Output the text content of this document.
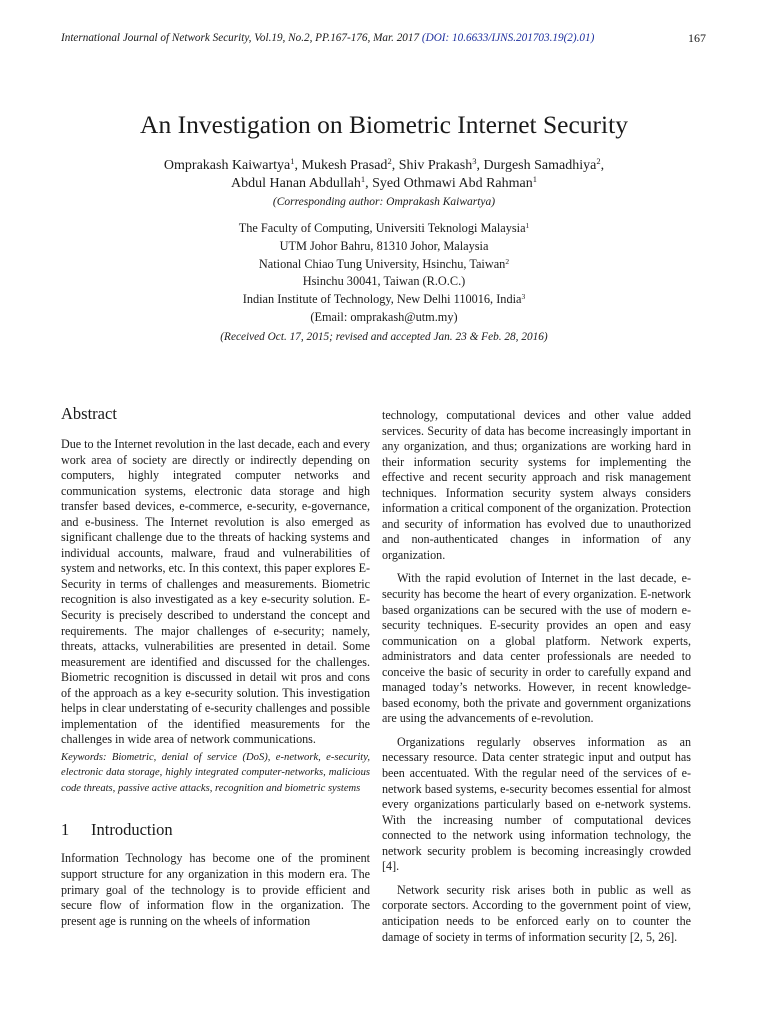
International Journal of Network Security, Vol.19, No.2, PP.167-176, Mar. 2017 (DOI: 10.6633/IJNS.201703.19(2).01)	167
An Investigation on Biometric Internet Security
Omprakash Kaiwartya$^1$, Mukesh Prasad$^2$, Shiv Prakash$^3$, Durgesh Samadhiya$^2$,
Abdul Hanan Abdullah$^1$, Syed Othmawi Abd Rahman$^1$
(Corresponding author: Omprakash Kaiwartya)
The Faculty of Computing, Universiti Teknologi Malaysia$^1$
UTM Johor Bahru, 81310 Johor, Malaysia
National Chiao Tung University, Hsinchu, Taiwan$^2$
Hsinchu 30041, Taiwan (R.O.C.)
Indian Institute of Technology, New Delhi 110016, India$^3$
(Email: omprakash@utm.my)
(Received Oct. 17, 2015; revised and accepted Jan. 23 & Feb. 28, 2016)
Abstract

Due to the Internet revolution in the last decade, each and every work area of society are directly or indirectly depending on computers, highly integrated computer networks and communication systems, electronic data storage and high transfer based devices, e-commerce, e-security, e-governance, and e-business. The Internet revolution is also emerged as significant challenge due to the threats of hacking systems and individual accounts, malware, fraud and vulnerabilities of system and networks, etc. In this context, this paper explores E-Security in terms of challenges and measurements. Biometric recognition is also investigated as a key e-security solution. E-Security is precisely described to understand the concept and requirements. The major challenges of e-security; namely, threats, attacks, vulnerabilities are presented in detail. Some measurement are identified and discussed for the challenges. Biometric recognition is discussed in detail wit pros and cons of the approach as a key e-security solution. This investigation helps in clear understating of e-security challenges and possible implementation of the identified measurements for the challenges in wide area of network communications.

Keywords: Biometric, denial of service (DoS), e-network, e-security, electronic data storage, highly integrated computer-networks, malicious code threats, passive active attacks, recognition and biometric systems

1 Introduction

Information Technology has become one of the prominent support structure for any organization in this modern era. The primary goal of the technology is to provide efficient and secure flow of information flow in the organization. The present age is running on the wheels of information

technology, computational devices and other value added services. Security of data has become increasingly important in any organization, and thus; organizations are working hard in their information security systems for implementing the effective and recent security approach and risk management techniques. Information security system always considers information a critical component of the organization. Protection and security of information has evolved due to unauthorized and non-authenticated changes in information of any organization.

With the rapid evolution of Internet in the last decade, e-security has become the heart of every organization. E-network based organizations can be secured with the use of modern e-security techniques. E-security provides an open and easy communication on a global platform. Network experts, administrators and data center professionals are needed to conceive the basic of security in order to carefully expand and managed today’s networks. However, in recent knowledge-based economy, both the private and government organizations are using the advancements of e-revolution.

Organizations regularly observes information as an necessary resource. Data center strategic input and output has been accentuated. With the regular need of the services of e-network based systems, e-security becomes essential for almost every organizations particularly based on e-network systems. With the increasing number of computational devices connected to the network using information technology, the network security problem is becoming increasingly crowded [4].

Network security risk arises both in public as well as corporate sectors. According to the government point of view, anticipation needs to be enforced early on to counter the damage of society in terms of information security [2, 5, 26].
